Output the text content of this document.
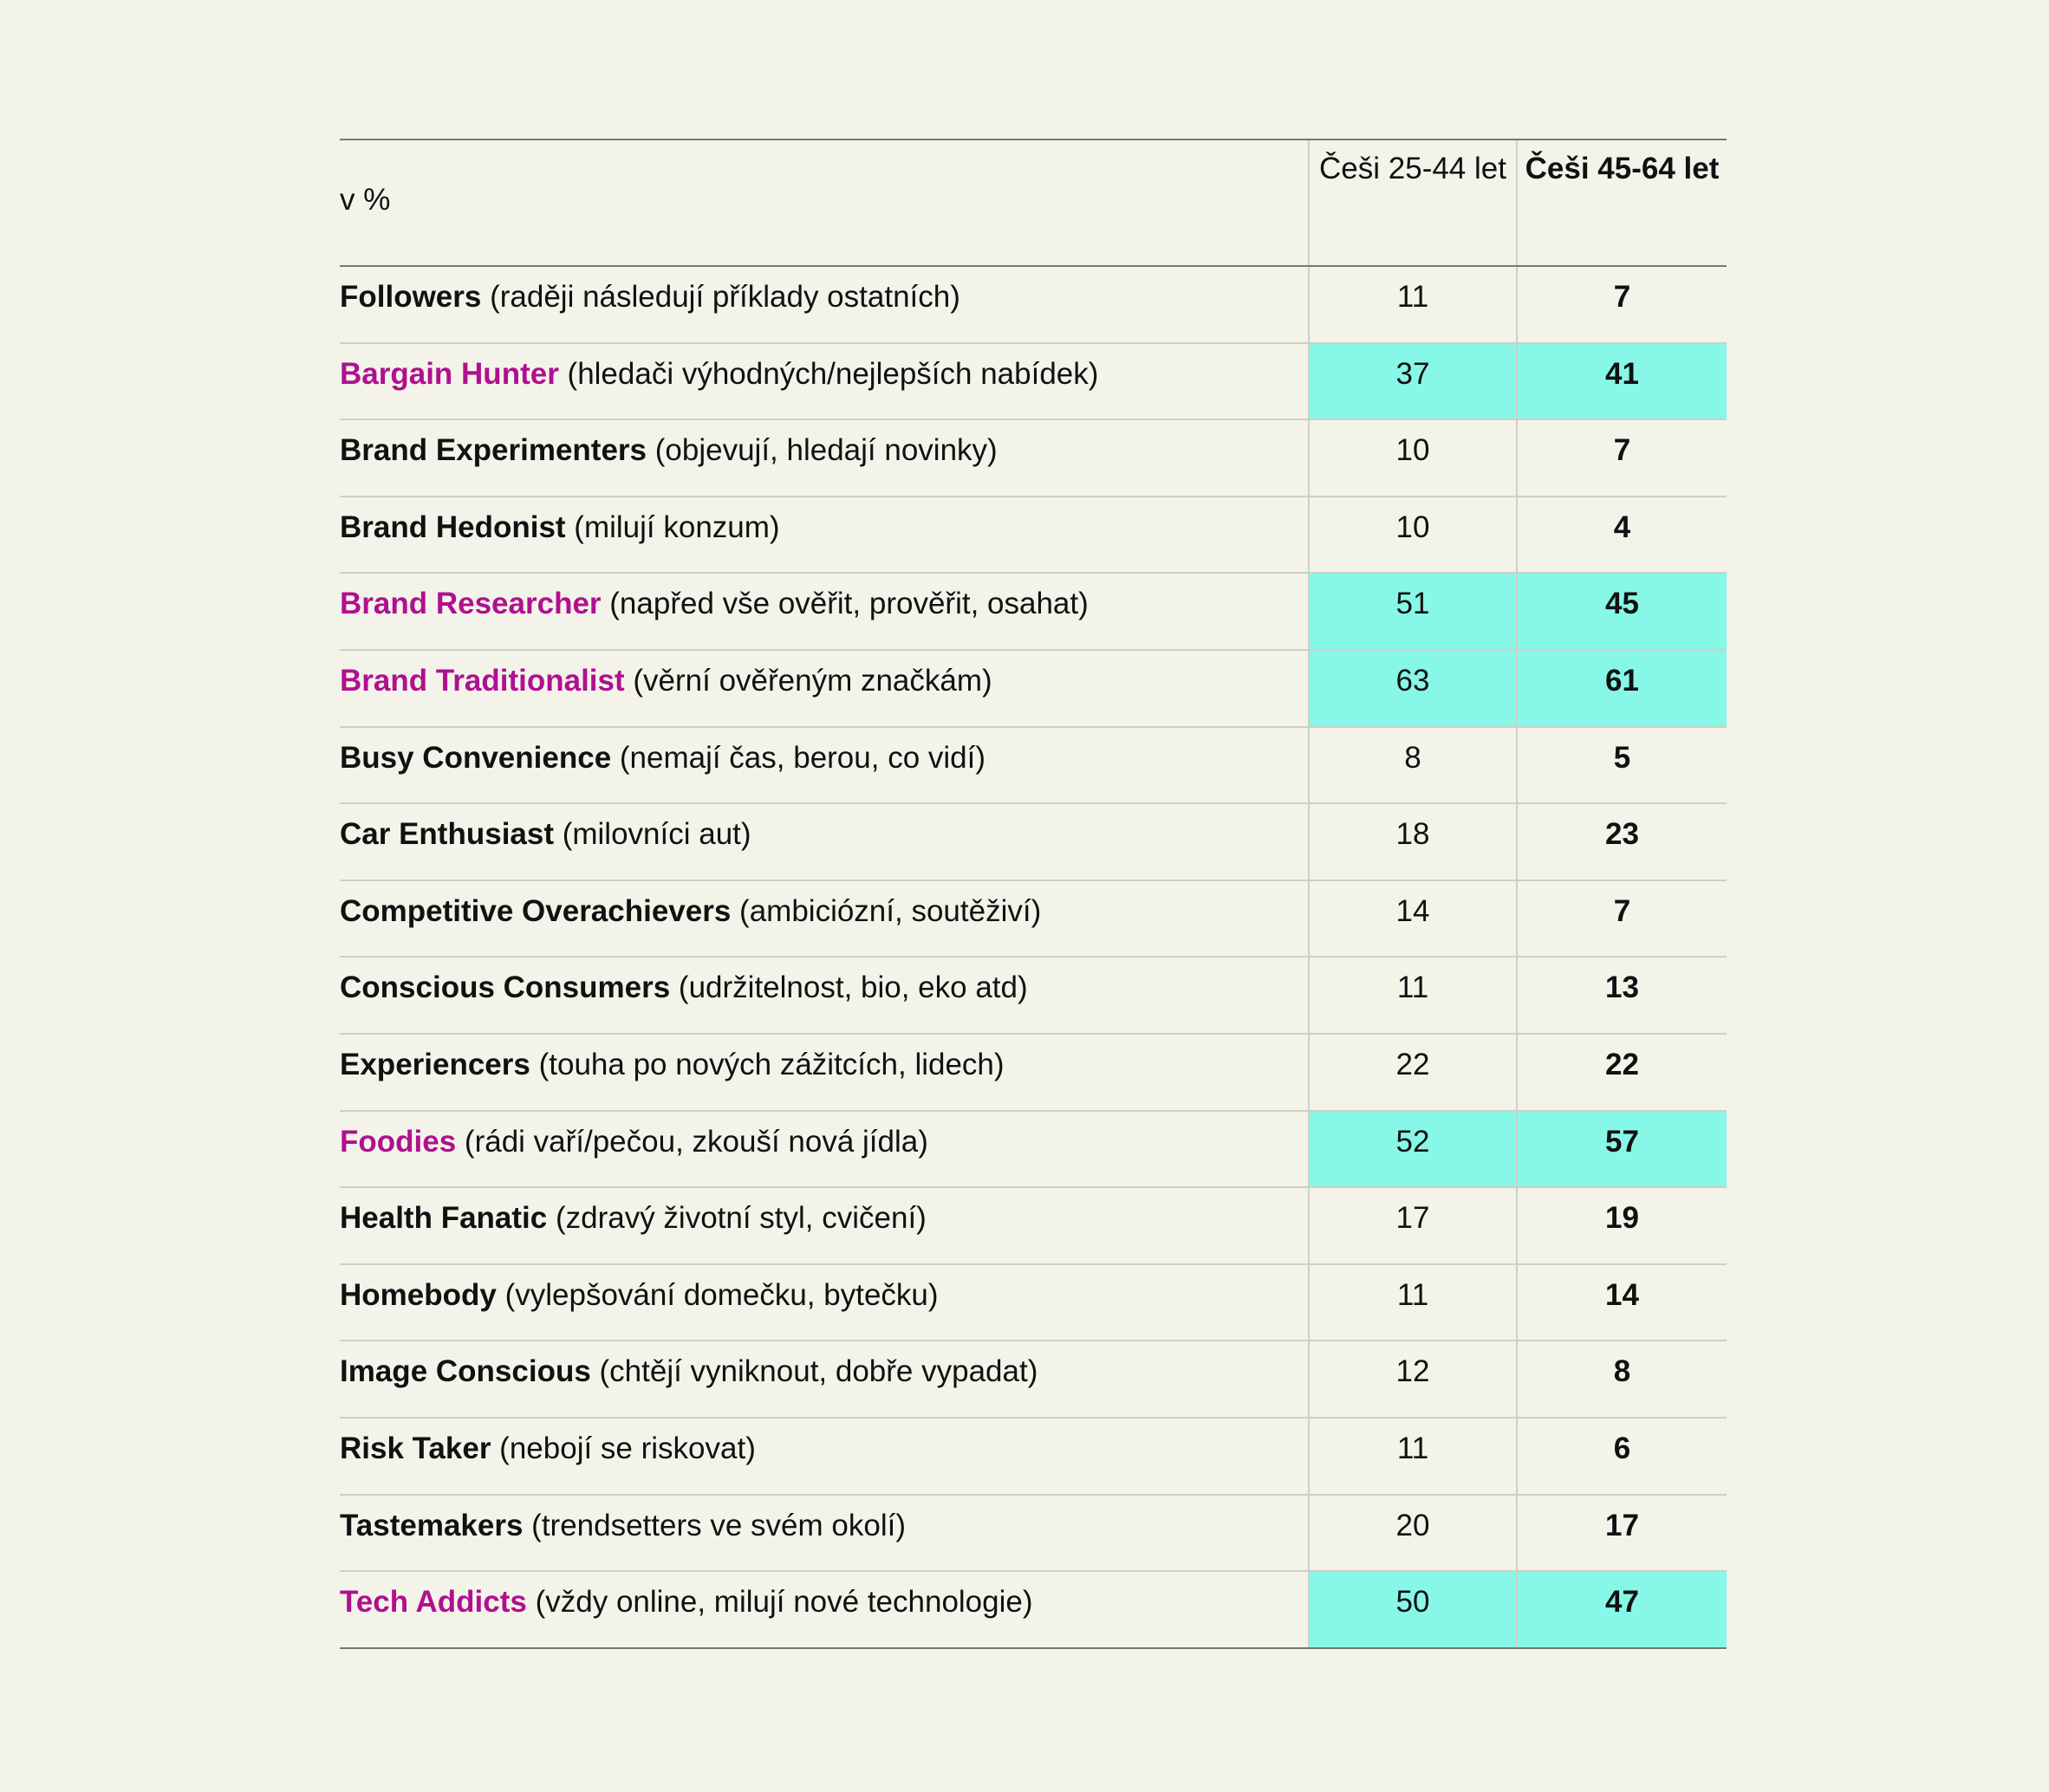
v %	Češi 25-44 let	Češi 45-64 let
Followers (raději následují příklady ostatních)	11	7
Bargain Hunter (hledači výhodných/nejlepších nabídek)	37	41
Brand Experimenters (objevují, hledají novinky)	10	7
Brand Hedonist (milují konzum)	10	4
Brand Researcher (napřed vše ověřit, prověřit, osahat)	51	45
Brand Traditionalist (věrní ověřeným značkám)	63	61
Busy Convenience (nemají čas, berou, co vidí)	8	5
Car Enthusiast (milovníci aut)	18	23
Competitive Overachievers (ambiciózní, soutěživí)	14	7
Conscious Consumers (udržitelnost, bio, eko atd)	11	13
Experiencers (touha po nových zážitcích, lidech)	22	22
Foodies (rádi vaří/pečou, zkouší nová jídla)	52	57
Health Fanatic (zdravý životní styl, cvičení)	17	19
Homebody (vylepšování domečku, bytečku)	11	14
Image Conscious (chtějí vyniknout, dobře vypadat)	12	8
Risk Taker (nebojí se riskovat)	11	6
Tastemakers (trendsetters ve svém okolí)	20	17
Tech Addicts (vždy online, milují nové technologie)	50	47
